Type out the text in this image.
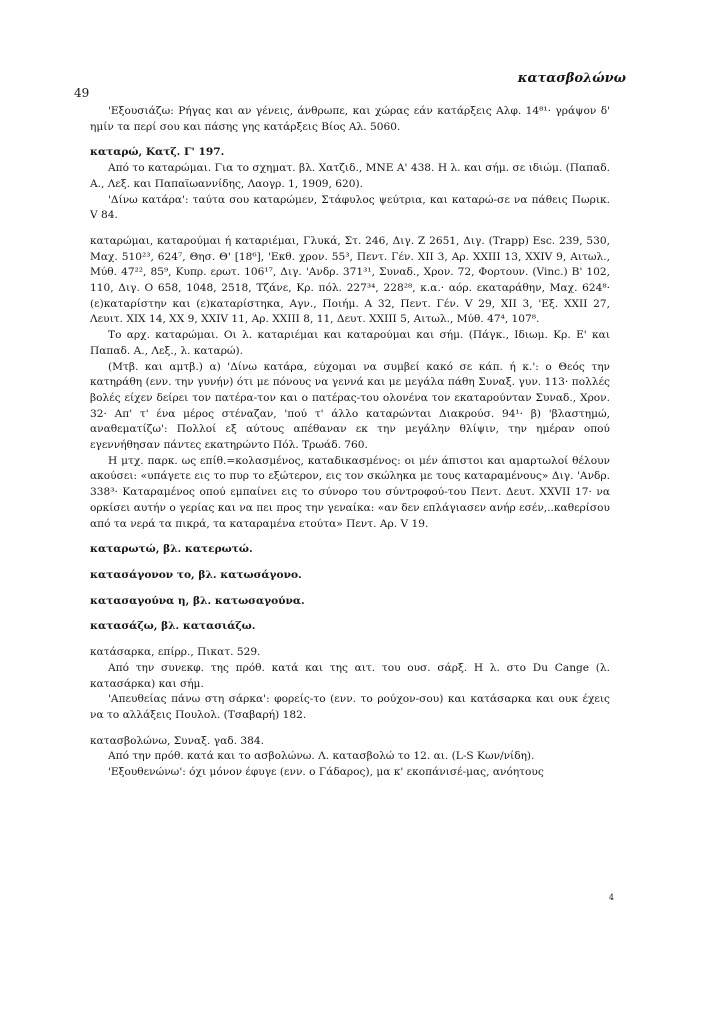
49
κατασβολώνω

'Εξουσιάζω: Ρήγας και αν γένεις, άνθρωπε, και χώρας εάν κατάρξεις Αλφ. 14⁸¹· γράψον δ' ημίν τα περί σου και πάσης γης κατάρξεις Βίος Αλ. 5060.

καταρώ, Κατζ. Γ' 197.

Από το καταρώμαι. Για το σχηματ. βλ. Χατζιδ., ΜΝΕ Α' 438. Η λ. και σήμ. σε ιδιώμ. (Παπαδ. Α., Λεξ. και Παπαϊωαννίδης, Λαογρ. 1, 1909, 620).

'Δίνω κατάρα': ταύτα σου καταρώμεν, Στάφυλος ψεύτρια, και καταρώ-σε να πάθεις Πωρικ. V 84.

καταρώμαι, καταρούμαι ή καταριέμαι, Γλυκά, Στ. 246, Διγ. Ζ 2651, Διγ. (Trapp) Esc. 239, 530, Μαχ. 510²³, 624⁷, Θησ. Θ' [18⁶], 'Εκθ. χρον. 55³, Πεντ. Γέν. XII 3, Αρ. XXIII 13, XXIV 9, Αιτωλ., Μύθ. 47²², 85⁹, Κυπρ. ερωτ. 106¹⁷, Διγ. 'Ανδρ. 371³¹, Συναδ., Χρον. 72, Φορτουν. (Vinc.) Β' 102, 110, Διγ. Ο 658, 1048, 2518, Τζάνε, Κρ. πόλ. 227³⁴, 228²⁸, κ.α.· αόρ. εκαταράθην, Μαχ. 624⁸· (ε)καταρίστην και (ε)καταρίστηκα, Αγν., Ποιήμ. Α 32, Πεντ. Γέν. V 29, XII 3, 'Εξ. XXII 27, Λευιτ. XIX 14, XX 9, XXIV 11, Αρ. XXIII 8, 11, Δευτ. XXIII 5, Αιτωλ., Μύθ. 47⁴, 107⁸.

Το αρχ. καταρώμαι. Οι λ. καταριέμαι και καταρούμαι και σήμ. (Πάγκ., Ιδιωμ. Κρ. Ε' και Παπαδ. Α., Λεξ., λ. καταρώ).

(Μτβ. και αμτβ.) α) 'Δίνω κατάρα, εύχομαι να συμβεί κακό σε κάπ. ή κ.': ο Θεός την κατηράθη (ενν. την γυνήν) ότι με πόνους να γεννά και με μεγάλα πάθη Συναξ. γυν. 113· πολλές βολές είχεν δείρει τον πατέρα-τον και ο πατέρας-του ολονένα τον εκαταρούνταν Συναδ., Χρον. 32· Απ' τ' ένα μέρος στέναζαν, 'πού τ' άλλο καταρώνται Διακρούσ. 94¹· β) 'βλαστημώ, αναθεματίζω': Πολλοί εξ αύτους απέθαναν εκ την μεγάλην θλίψιν, την ημέραν οπού εγεννήθησαν πάντες εκατηρώντο Πόλ. Τρωάδ. 760.

Η μτχ. παρκ. ως επίθ.=κολασμένος, καταδικασμένος: οι μέν άπιστοι και αμαρτωλοί θέλουν ακούσει: «υπάγετε εις το πυρ το εξώτερον, εις τον σκώληκα με τους καταραμένους» Διγ. 'Ανδρ. 338³· Καταραμένος οπού εμπαίνει εις το σύνορο του σύντροφού-του Πεντ. Δευτ. XXVII 17· να ορκίσει αυτήν ο γερίας και να πει προς την γεναίκα: «αν δεν επλάγιασεν ανήρ εσέν,..καθερίσου από τα νερά τα πικρά, τα καταραμένα ετούτα» Πεντ. Αρ. V 19.

καταρωτώ, βλ. κατερωτώ.

κατασάγονον το, βλ. κατωσάγονο.

κατασαγούνα η, βλ. κατωσαγούνα.

κατασάζω, βλ. κατασιάζω.

κατάσαρκα, επίρρ., Πικατ. 529.

Από την συνεκφ. της πρόθ. κατά και της αιτ. του ουσ. σάρξ. Η λ. στο Du Cange (λ. κατασάρκα) και σήμ.

'Απευθείας πάνω στη σάρκα': φορείς-το (ενν. το ρούχον-σου) και κατάσαρκα και ουκ έχεις να το αλλάξεις Πουλολ. (Τσαβαρή) 182.

κατασβολώνω, Συναξ. γαδ. 384.

Από την πρόθ. κατά και το ασβολώνω. Λ. κατασβολώ το 12. αι. (L-S Κων/νίδη).

'Εξουθενώνω': όχι μόνον έφυγε (ενν. ο Γάδαρος), μα κ' εκοπάνισέ-μας, ανόητους

4
